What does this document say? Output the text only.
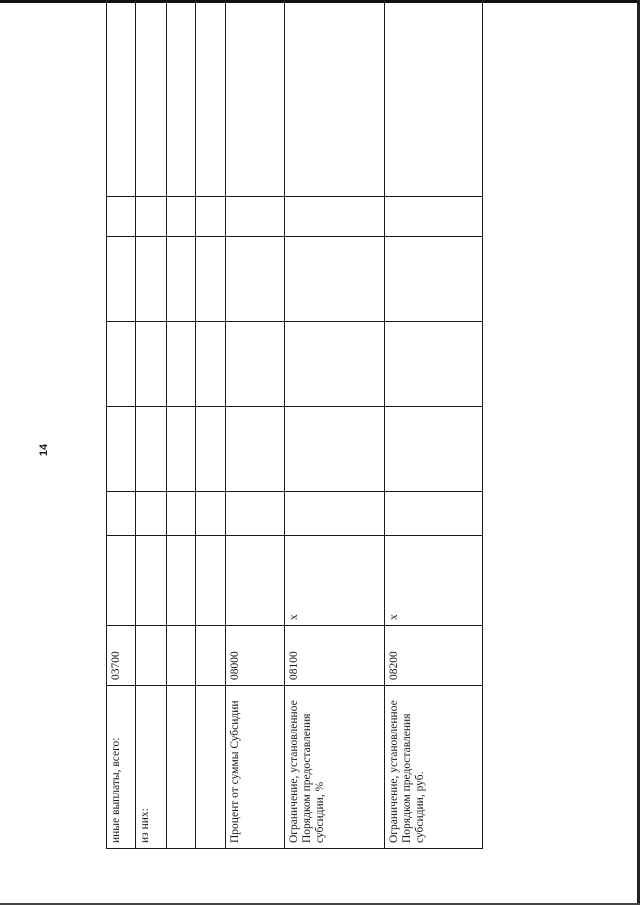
14
иные выплаты, всего:	03700							
из них:								

Процент от суммы Субсидии	08000							
Ограничение, установленное Порядком предоставления субсидии, %	08100	x						
Ограничение, установленное Порядком предоставления субсидии, руб.	08200	x						
